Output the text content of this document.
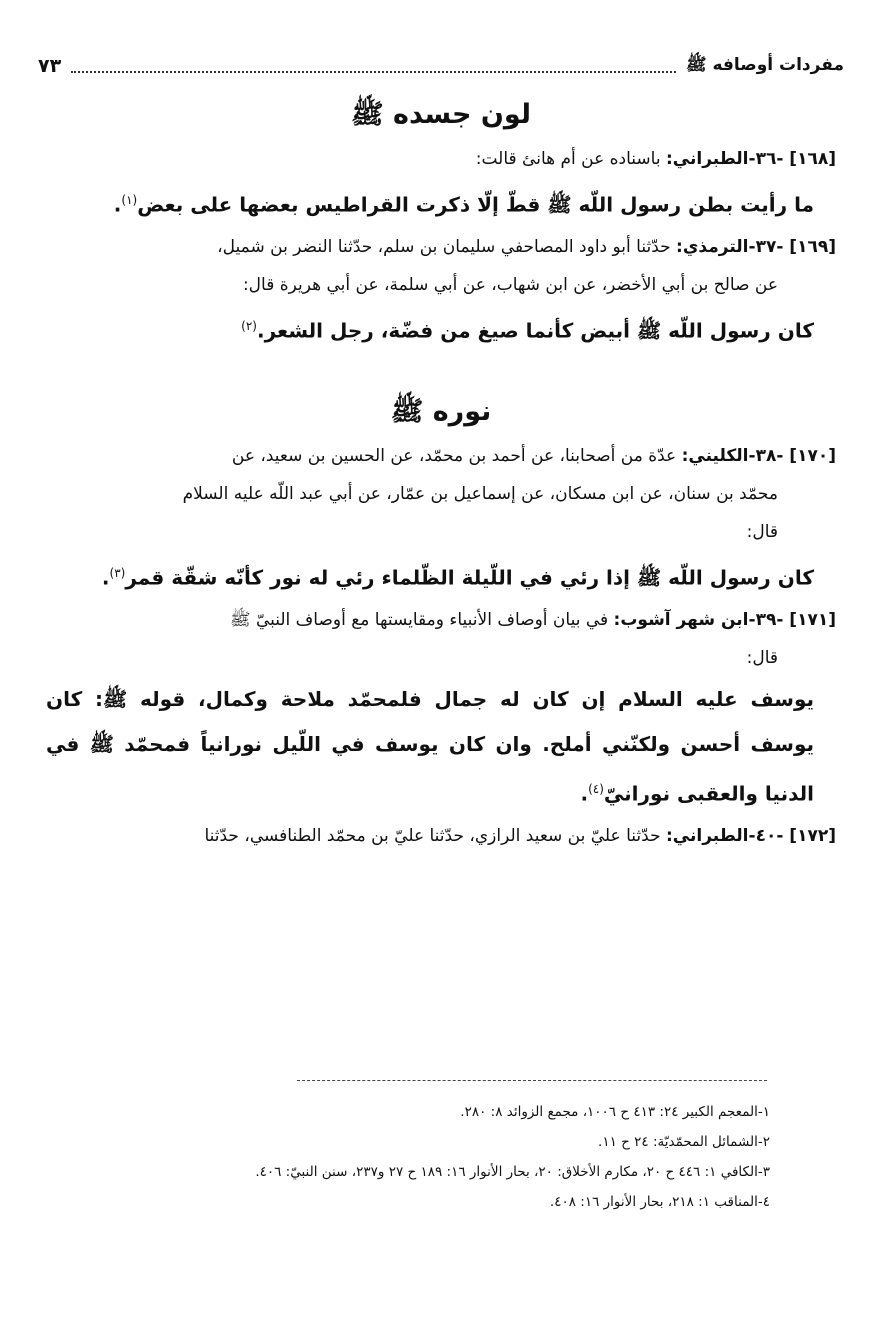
مفردات أوصافه ﷺ
٧٣
لون جسده ﷺ

[١٦٨] -٣٦-الطبراني: باسناده عن أم هانئ قالت:

ما رأيت بطن رسول اللّه ﷺ قطّ إلّا ذكرت القراطيس بعضها على بعض$^{(١)}$.

[١٦٩] -٣٧-الترمذي: حدّثنا أبو داود المصاحفي سليمان بن سلم، حدّثنا النضر بن شميل،

عن صالح بن أبي الأخضر، عن ابن شهاب، عن أبي سلمة، عن أبي هريرة قال:

كان رسول اللّه ﷺ أبيض كأنما صيغ من فضّة، رجل الشعر.$^{(٢)}$

نوره ﷺ

[١٧٠] -٣٨-الكليني: عدّة من أصحابنا، عن أحمد بن محمّد، عن الحسين بن سعيد، عن

محمّد بن سنان، عن ابن مسكان، عن إسماعيل بن عمّار، عن أبي عبد اللّه عليه السلام

قال:

كان رسول اللّه ﷺ إذا رئي في اللّيلة الظّلماء رئي له نور كأنّه شقّة قمر$^{(٣)}$.

[١٧١] -٣٩-ابن شهر آشوب: في بيان أوصاف الأنبياء ومقايستها مع أوصاف النبيّ ﷺ

قال:

يوسف عليه السلام إن كان له جمال فلمحمّد ملاحة وكمال، قوله ﷺ: كان يوسف أحسن ولكنّني أملح. وان كان يوسف في اللّيل نورانياً فمحمّد ﷺ في الدنيا والعقبى نورانيّ$^{(٤)}$.

[١٧٢] -٤٠-الطبراني: حدّثنا عليّ بن سعيد الرازي، حدّثنا عليّ بن محمّد الطنافسي، حدّثنا

١-المعجم الكبير ٢٤: ٤١٣ ح ١٠٠٦، مجمع الزوائد ٨: ٢٨٠.

٢-الشمائل المحمّديّة: ٢٤ ح ١١.

٣-الكافي ١: ٤٤٦ ح ٢٠، مكارم الأخلاق: ٢٠، بحار الأنوار ١٦: ١٨٩ ح ٢٧ و٢٣٧، سنن النبيّ: ٤٠٦.

٤-المناقب ١: ٢١٨، بحار الأنوار ١٦: ٤٠٨.
